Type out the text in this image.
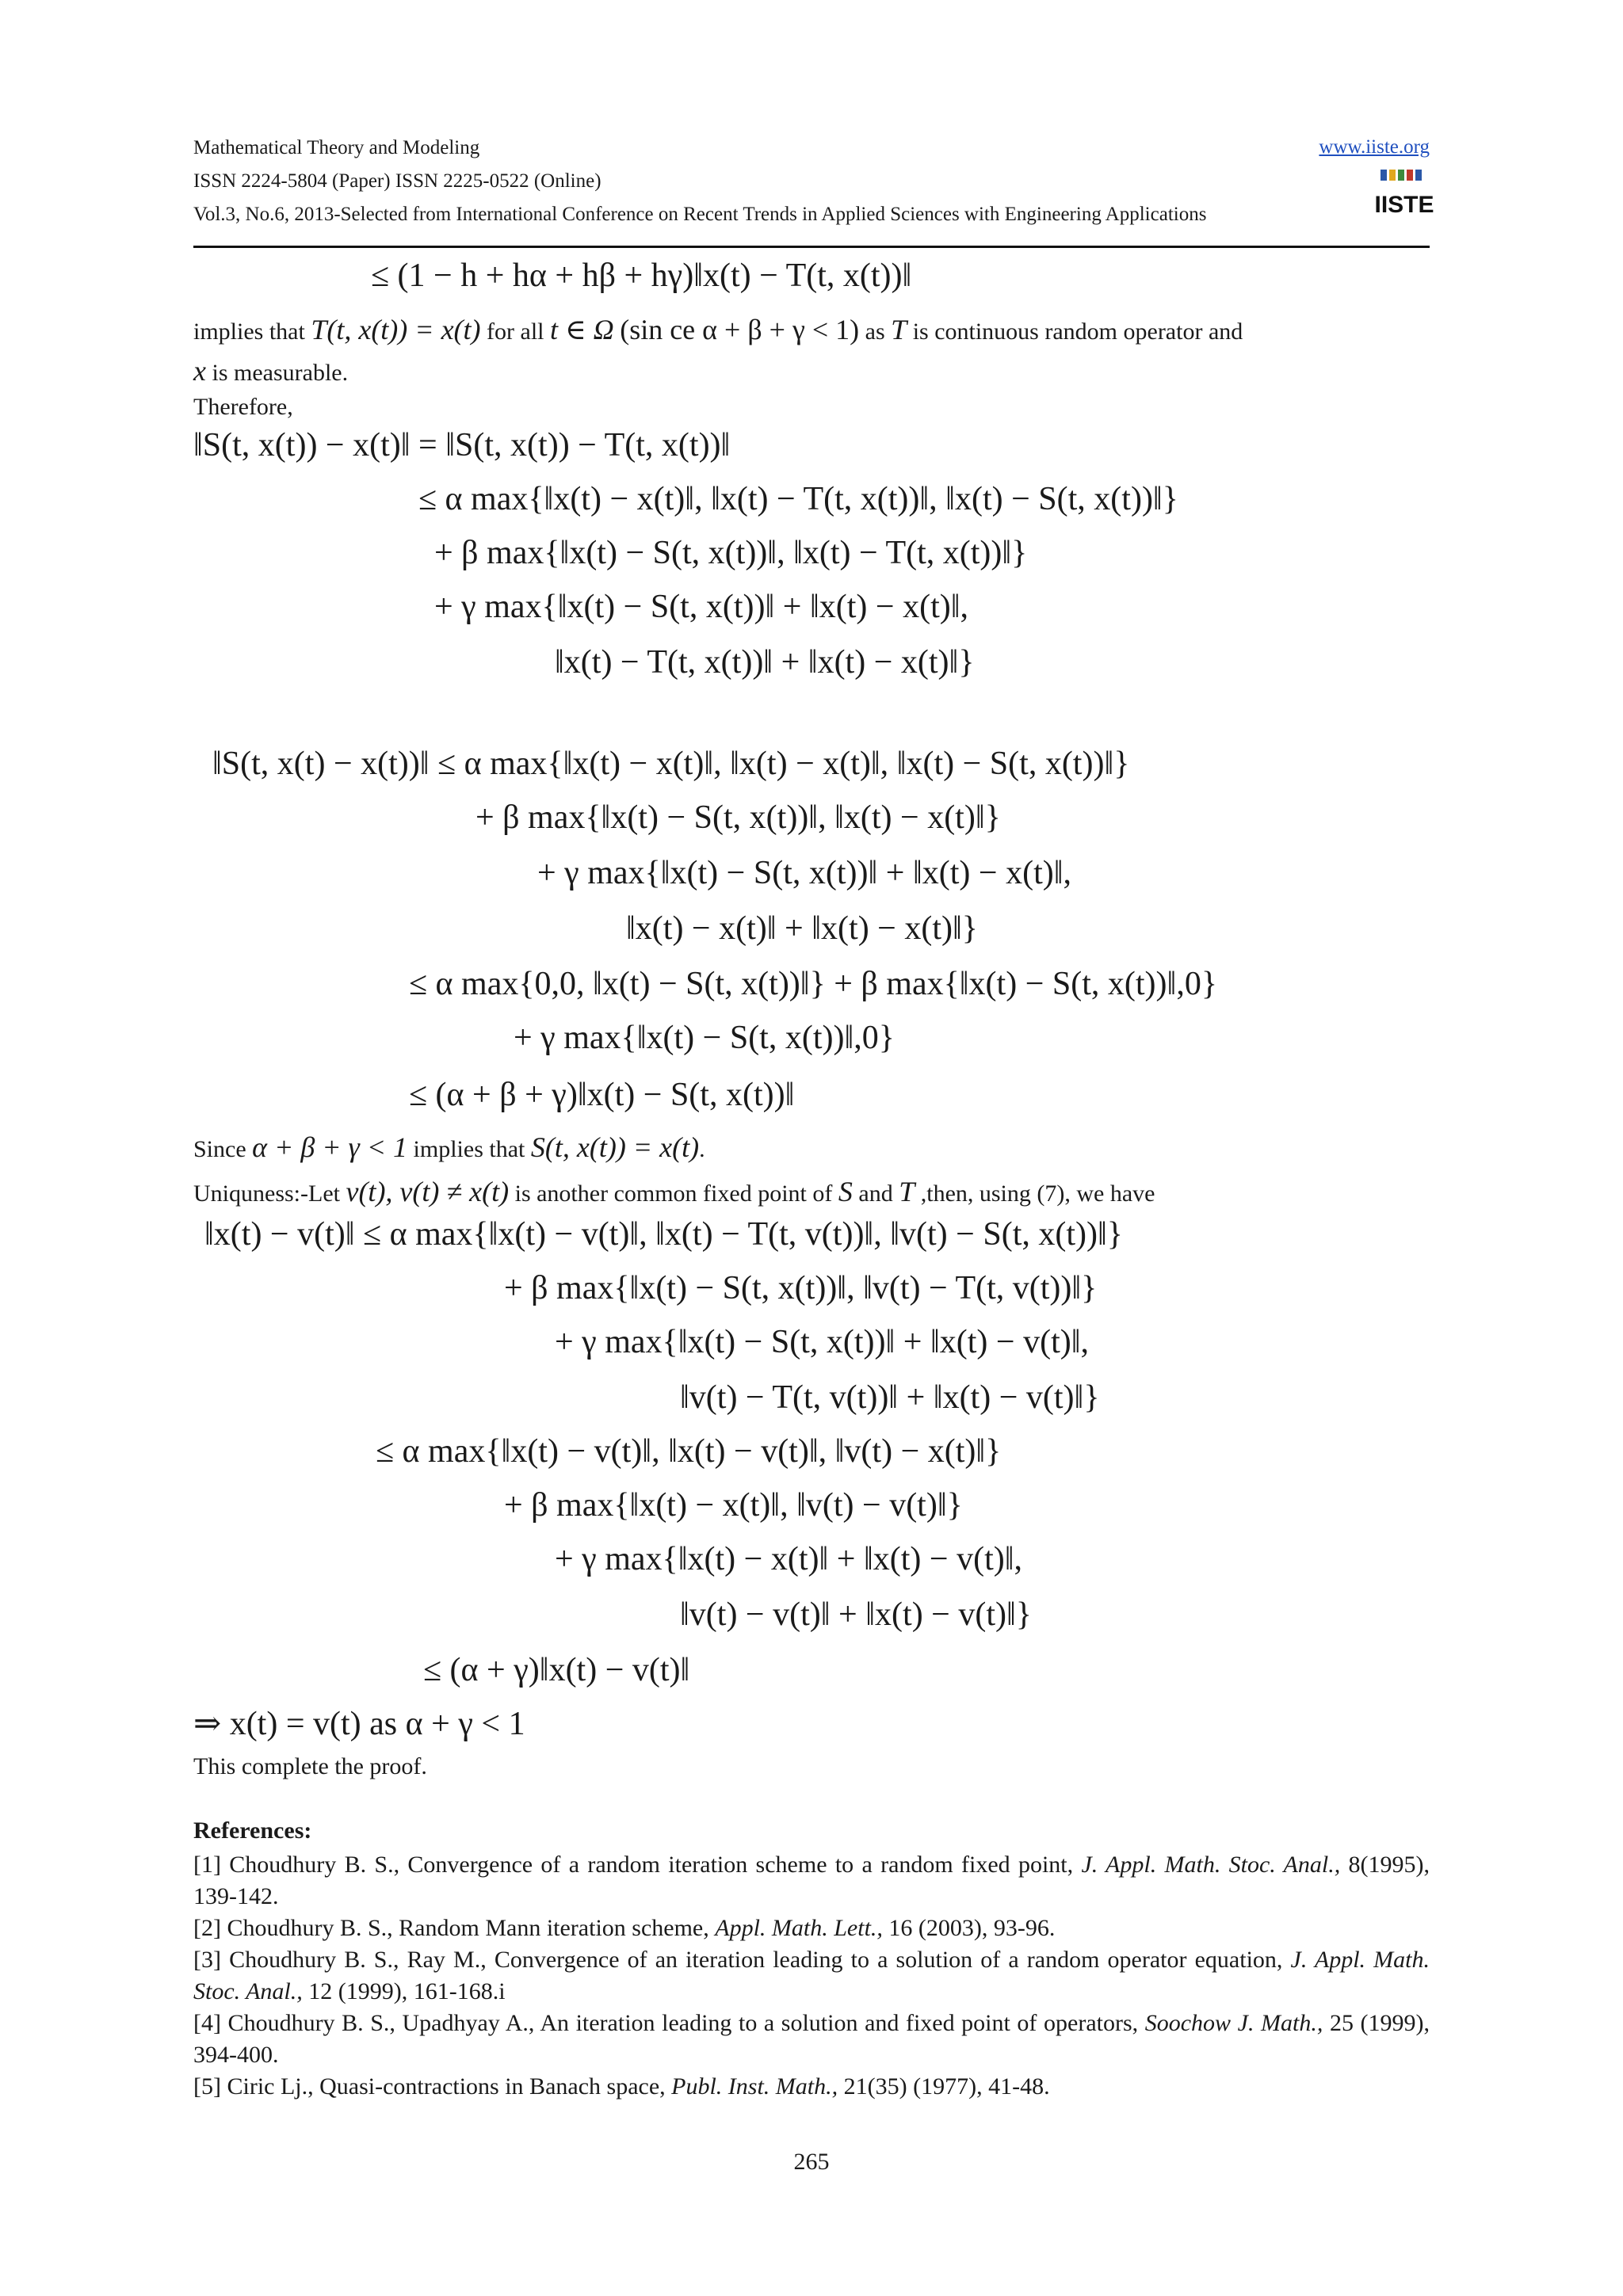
Mathematical Theory and Modeling	www.iiste.org
ISSN 2224-5804 (Paper) ISSN 2225-0522 (Online)
Vol.3, No.6, 2013-Selected from International Conference on Recent Trends in Applied Sciences with Engineering Applications	IISTE
≤ (1 − h + hα + hβ + hγ)‖x(t) − T(t, x(t))‖
implies that T(t, x(t)) = x(t) for all t ∈ Ω (sin ce α + β + γ < 1) as T is continuous random operator and
x is measurable.
Therefore,
‖S(t, x(t)) − x(t)‖ = ‖S(t, x(t)) − T(t, x(t))‖
≤ α max{‖x(t) − x(t)‖, ‖x(t) − T(t, x(t))‖, ‖x(t) − S(t, x(t))‖}
+ β max{‖x(t) − S(t, x(t))‖, ‖x(t) − T(t, x(t))‖}
+ γ max{‖x(t) − S(t, x(t))‖ + ‖x(t) − x(t)‖,
‖x(t) − T(t, x(t))‖ + ‖x(t) − x(t)‖}
‖S(t, x(t) − x(t))‖ ≤ α max{‖x(t) − x(t)‖, ‖x(t) − x(t)‖, ‖x(t) − S(t, x(t))‖}
+ β max{‖x(t) − S(t, x(t))‖, ‖x(t) − x(t)‖}
+ γ max{‖x(t) − S(t, x(t))‖ + ‖x(t) − x(t)‖,
‖x(t) − x(t)‖ + ‖x(t) − x(t)‖}
≤ α max{0,0, ‖x(t) − S(t, x(t))‖} + β max{‖x(t) − S(t, x(t))‖,0}
+ γ max{‖x(t) − S(t, x(t))‖,0}
≤ (α + β + γ)‖x(t) − S(t, x(t))‖
Since α + β + γ < 1 implies that S(t, x(t)) = x(t).
Uniquness:-Let v(t), v(t) ≠ x(t) is another common fixed point of S and T ,then, using (7), we have
‖x(t) − v(t)‖ ≤ α max{‖x(t) − v(t)‖, ‖x(t) − T(t, v(t))‖, ‖v(t) − S(t, x(t))‖}
+ β max{‖x(t) − S(t, x(t))‖, ‖v(t) − T(t, v(t))‖}
+ γ max{‖x(t) − S(t, x(t))‖ + ‖x(t) − v(t)‖,
‖v(t) − T(t, v(t))‖ + ‖x(t) − v(t)‖}
≤ α max{‖x(t) − v(t)‖, ‖x(t) − v(t)‖, ‖v(t) − x(t)‖}
+ β max{‖x(t) − x(t)‖, ‖v(t) − v(t)‖}
+ γ max{‖x(t) − x(t)‖ + ‖x(t) − v(t)‖,
‖v(t) − v(t)‖ + ‖x(t) − v(t)‖}
≤ (α + γ)‖x(t) − v(t)‖
⇒ x(t) = v(t) as α + γ < 1
This complete the proof.
References:
[1] Choudhury B. S., Convergence of a random iteration scheme to a random fixed point, J. Appl. Math. Stoc. Anal., 8(1995), 139-142.
[2] Choudhury B. S., Random Mann iteration scheme, Appl. Math. Lett., 16 (2003), 93-96.
[3] Choudhury B. S., Ray M., Convergence of an iteration leading to a solution of a random operator equation, J. Appl. Math. Stoc. Anal., 12 (1999), 161-168.i
[4] Choudhury B. S., Upadhyay A., An iteration leading to a solution and fixed point of operators, Soochow J. Math., 25 (1999), 394-400.
[5] Ciric Lj., Quasi-contractions in Banach space, Publ. Inst. Math., 21(35) (1977), 41-48.
265
